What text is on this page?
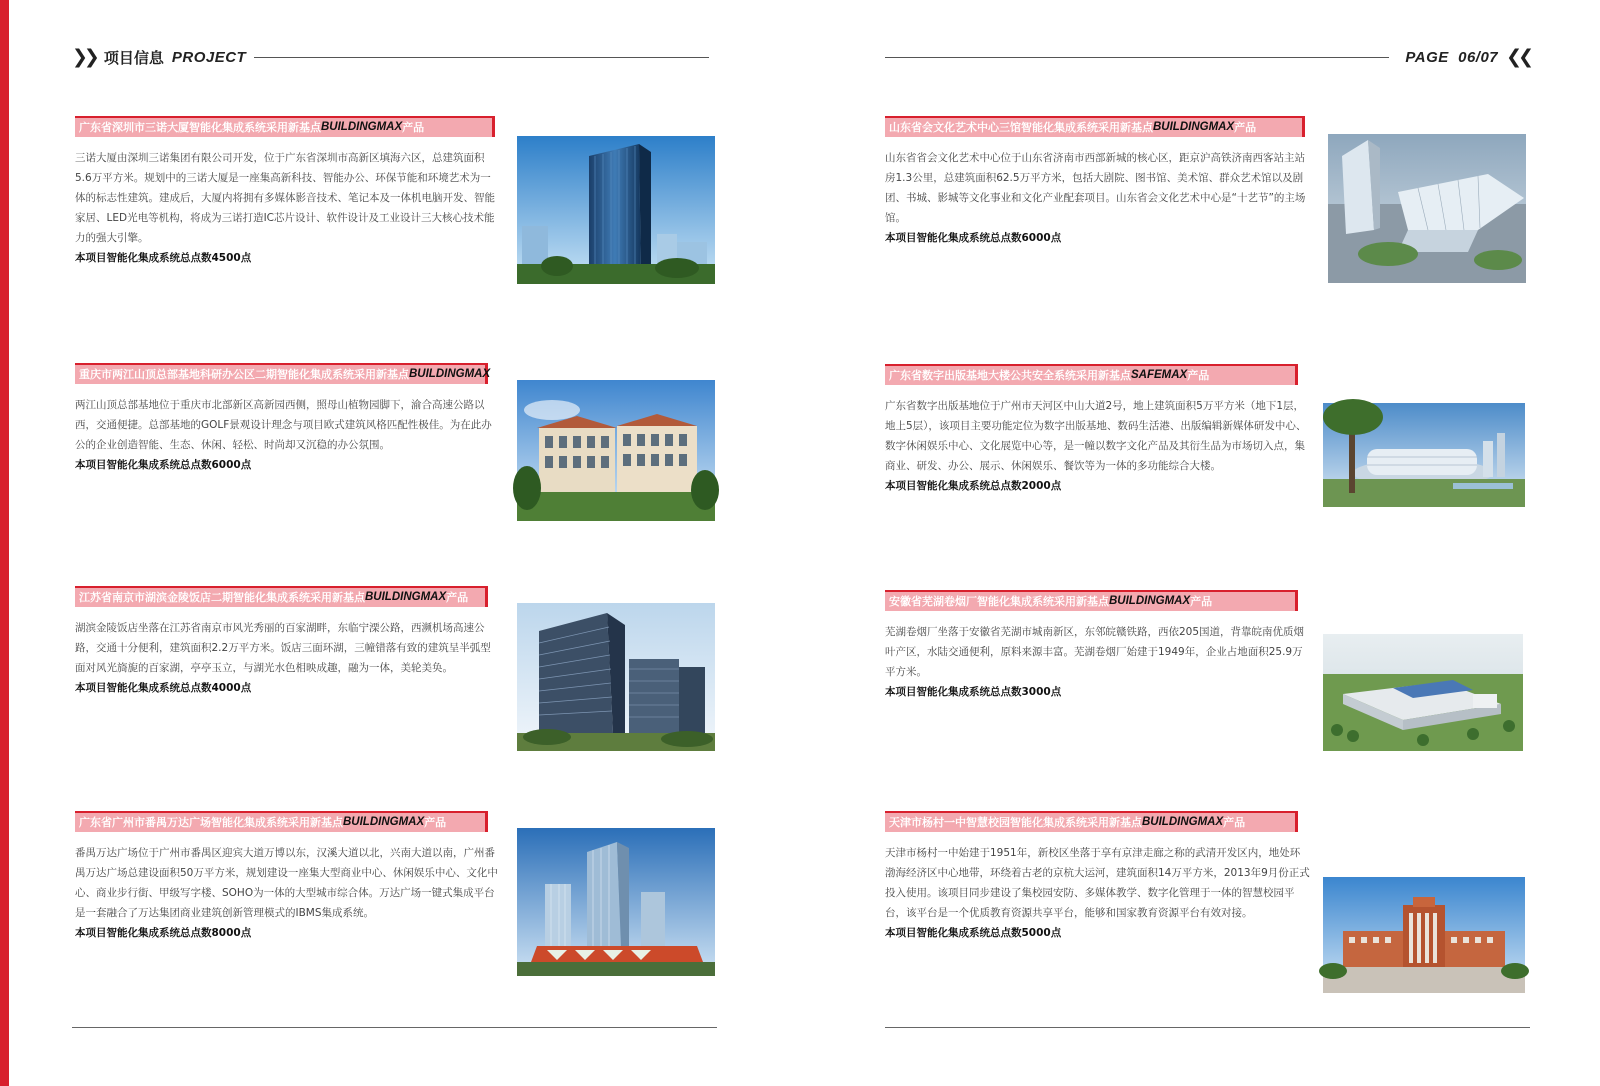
❯❯ 项目信息 PROJECT	PAGE  06/07 ❮❮
广东省深圳市三诺大厦智能化集成系统采用新基点 BUILDINGMAX 产品
三诺大厦由深圳三诺集团有限公司开发，位于广东省深圳市高新区填海六区，总建筑面积5.6万平方米。规划中的三诺大厦是一座集高新科技、智能办公、环保节能和环境艺术为一体的标志性建筑。建成后，大厦内将拥有多媒体影音技术、笔记本及一体机电脑开发、智能家居、LED光电等机构，将成为三诺打造IC芯片设计、软件设计及工业设计三大核心技术能力的强大引擎。
本项目智能化集成系统总点数4500点
重庆市两江山顶总部基地科研办公区二期智能化集成系统采用新基点 BUILDINGMAX 产品
两江山顶总部基地位于重庆市北部新区高新园西侧，照母山植物园脚下，渝合高速公路以西，交通便捷。总部基地的GOLF景观设计理念与项目欧式建筑风格匹配性极佳。为在此办公的企业创造智能、生态、休闲、轻松、时尚却又沉稳的办公氛围。
本项目智能化集成系统总点数6000点
江苏省南京市湖滨金陵饭店二期智能化集成系统采用新基点 BUILDINGMAX 产品
湖滨金陵饭店坐落在江苏省南京市风光秀丽的百家湖畔，东临宁溧公路，西濒机场高速公路，交通十分便利，建筑面积2.2万平方米。饭店三面环湖，三幢错落有致的建筑呈半弧型面对风光旖旎的百家湖，亭亭玉立，与湖光水色相映成趣，融为一体，美轮美奂。
本项目智能化集成系统总点数4000点
广东省广州市番禺万达广场智能化集成系统采用新基点 BUILDINGMAX 产品
番禺万达广场位于广州市番禺区迎宾大道万博以东，汉溪大道以北，兴南大道以南，广州番禺万达广场总建设面积50万平方米，规划建设一座集大型商业中心、休闲娱乐中心、文化中心、商业步行街、甲级写字楼、SOHO为一体的大型城市综合体。万达广场一键式集成平台是一套融合了万达集团商业建筑创新管理模式的IBMS集成系统。
本项目智能化集成系统总点数8000点
山东省会文化艺术中心三馆智能化集成系统采用新基点 BUILDINGMAX 产品
山东省省会文化艺术中心位于山东省济南市西部新城的核心区，距京沪高铁济南西客站主站房1.3公里，总建筑面积62.5万平方米，包括大剧院、图书馆、美术馆、群众艺术馆以及剧团、书城、影城等文化事业和文化产业配套项目。山东省会文化艺术中心是“十艺节”的主场馆。
本项目智能化集成系统总点数6000点
广东省数字出版基地大楼公共安全系统采用新基点 SAFEMAX 产品
广东省数字出版基地位于广州市天河区中山大道2号，地上建筑面积5万平方米（地下1层，地上5层），该项目主要功能定位为数字出版基地、数码生活港、出版编辑新媒体研发中心、数字休闲娱乐中心、文化展览中心等，是一幢以数字文化产品及其衍生品为市场切入点，集商业、研发、办公、展示、休闲娱乐、餐饮等为一体的多功能综合大楼。
本项目智能化集成系统总点数2000点
安徽省芜湖卷烟厂智能化集成系统采用新基点 BUILDINGMAX 产品
芜湖卷烟厂坐落于安徽省芜湖市城南新区，东邻皖赣铁路，西依205国道，背靠皖南优质烟叶产区，水陆交通便利，原料来源丰富。芜湖卷烟厂始建于1949年，企业占地面积25.9万平方米。
本项目智能化集成系统总点数3000点
天津市杨村一中智慧校园智能化集成系统采用新基点 BUILDINGMAX 产品
天津市杨村一中始建于1951年，新校区坐落于享有京津走廊之称的武清开发区内，地处环渤海经济区中心地带，环绕着古老的京杭大运河，建筑面积14万平方米，2013年9月份正式投入使用。该项目同步建设了集校园安防、多媒体教学、数字化管理于一体的智慧校园平台，该平台是一个优质教育资源共享平台，能够和国家教育资源平台有效对接。
本项目智能化集成系统总点数5000点
